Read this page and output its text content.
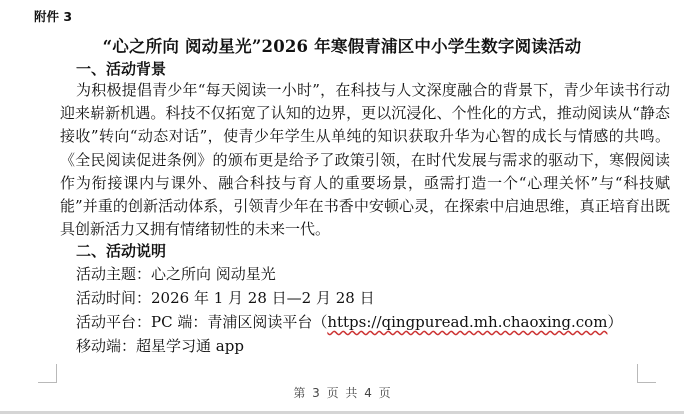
附件 3
“心之所向 阅动星光”2026 年寒假青浦区中小学生数字阅读活动
一、活动背景
为积极提倡青少年“每天阅读一小时”，在科技与人文深度融合的背景下，青少年读书行动迎来崭新机遇。科技不仅拓宽了认知的边界，更以沉浸化、个性化的方式，推动阅读从“静态接收”转向“动态对话”，使青少年学生从单纯的知识获取升华为心智的成长与情感的共鸣。《全民阅读促进条例》的颁布更是给予了政策引领，在时代发展与需求的驱动下，寒假阅读作为衔接课内与课外、融合科技与育人的重要场景，亟需打造一个“心理关怀”与“科技赋能”并重的创新活动体系，引领青少年在书香中安顿心灵，在探索中启迪思维，真正培育出既具创新活力又拥有情绪韧性的未来一代。
二、活动说明
活动主题：心之所向 阅动星光
活动时间：2026 年 1 月 28 日—2 月 28 日
活动平台：PC 端：青浦区阅读平台（https://qingpuread.mh.chaoxing.com）
移动端：超星学习通 app
第 3 页 共 4 页
